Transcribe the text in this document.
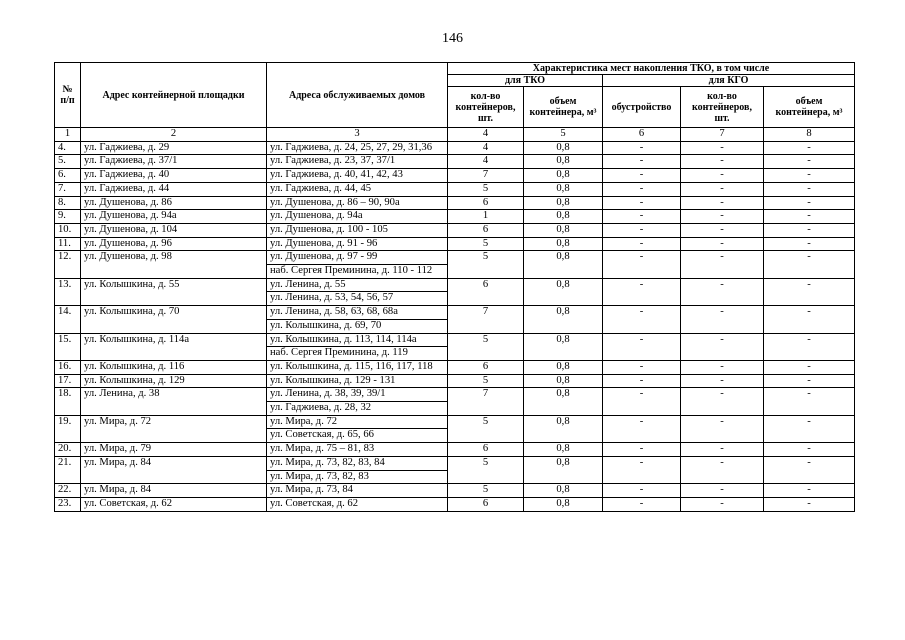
146
№ п/п	Адрес контейнерной площадки	Адреса обслуживаемых домов	Характеристика мест накопления ТКО, в том числе				
			для ТКО		для КГО		
			кол-во контейнеров, шт.	объем контейнера, м³	обустройство	кол-во контейнеров, шт.	объем контейнера, м³
1	2	3	4	5	6	7	8
4.	ул. Гаджиева, д. 29	ул. Гаджиева, д. 24, 25, 27, 29, 31,36	4	0,8	-	-	-
5.	ул. Гаджиева, д. 37/1	ул. Гаджиева, д. 23, 37, 37/1	4	0,8	-	-	-
6.	ул. Гаджиева, д. 40	ул. Гаджиева, д. 40, 41, 42, 43	7	0,8	-	-	-
7.	ул. Гаджиева, д. 44	ул. Гаджиева, д. 44, 45	5	0,8	-	-	-
8.	ул. Душенова, д. 86	ул. Душенова, д. 86 – 90, 90а	6	0,8	-	-	-
9.	ул. Душенова, д. 94а	ул. Душенова, д. 94а	1	0,8	-	-	-
10.	ул. Душенова, д. 104	ул. Душенова, д. 100 - 105	6	0,8	-	-	-
11.	ул. Душенова, д. 96	ул. Душенова, д. 91 - 96	5	0,8	-	-	-
12.	ул. Душенова, д. 98	ул. Душенова, д. 97 - 99	5	0,8	-	-	-
		наб. Сергея Преминина, д. 110 - 112					
13.	ул. Колышкина, д. 55	ул. Ленина, д. 55	6	0,8	-	-	-
		ул. Ленина, д. 53, 54, 56, 57					
14.	ул. Колышкина, д. 70	ул. Ленина, д. 58, 63, 68, 68а	7	0,8	-	-	-
		ул. Колышкина, д. 69, 70					
15.	ул. Колышкина, д. 114а	ул. Колышкина, д. 113, 114, 114а	5	0,8	-	-	-
		наб. Сергея Преминина, д. 119					
16.	ул. Колышкина, д. 116	ул. Колышкина, д. 115, 116, 117, 118	6	0,8	-	-	-
17.	ул. Колышкина, д. 129	ул. Колышкина, д. 129 - 131	5	0,8	-	-	-
18.	ул. Ленина, д. 38	ул. Ленина, д. 38, 39, 39/1	7	0,8	-	-	-
		ул. Гаджиева, д. 28, 32					
19.	ул. Мира, д. 72	ул. Мира, д. 72	5	0,8	-	-	-
		ул. Советская, д. 65, 66					
20.	ул. Мира, д. 79	ул. Мира, д. 75 – 81, 83	6	0,8	-	-	-
21.	ул. Мира, д. 84	ул. Мира, д. 73, 82, 83, 84	5	0,8	-	-	-
		ул. Мира, д. 73, 82, 83					
22.	ул. Мира, д. 84	ул. Мира, д. 73, 84	5	0,8	-	-	-
23.	ул. Советская, д. 62	ул. Советская, д. 62	6	0,8	-	-	-
